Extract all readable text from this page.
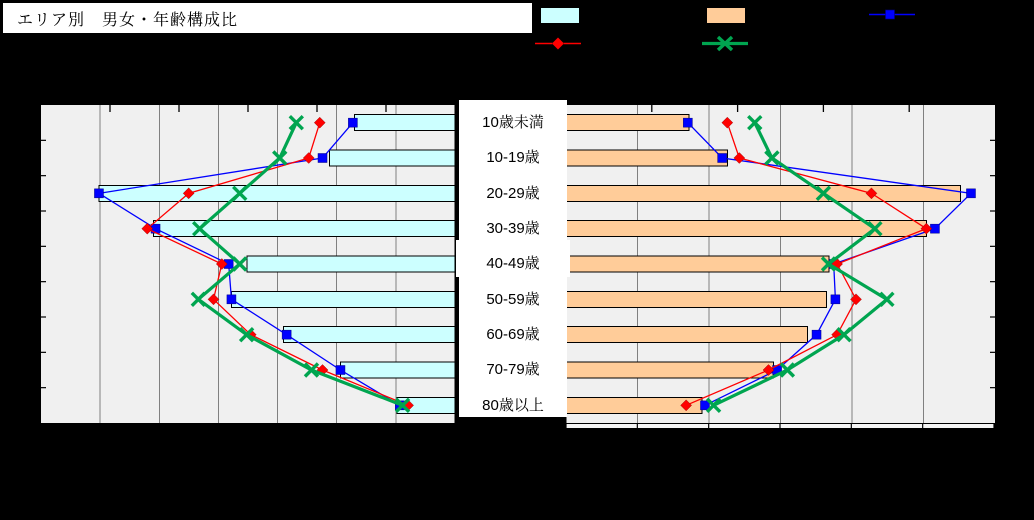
エリア別　男女・年齢構成比
10歳未満
10-19歳
20-29歳
30-39歳
40-49歳
50-59歳
60-69歳
70-79歳
80歳以上
